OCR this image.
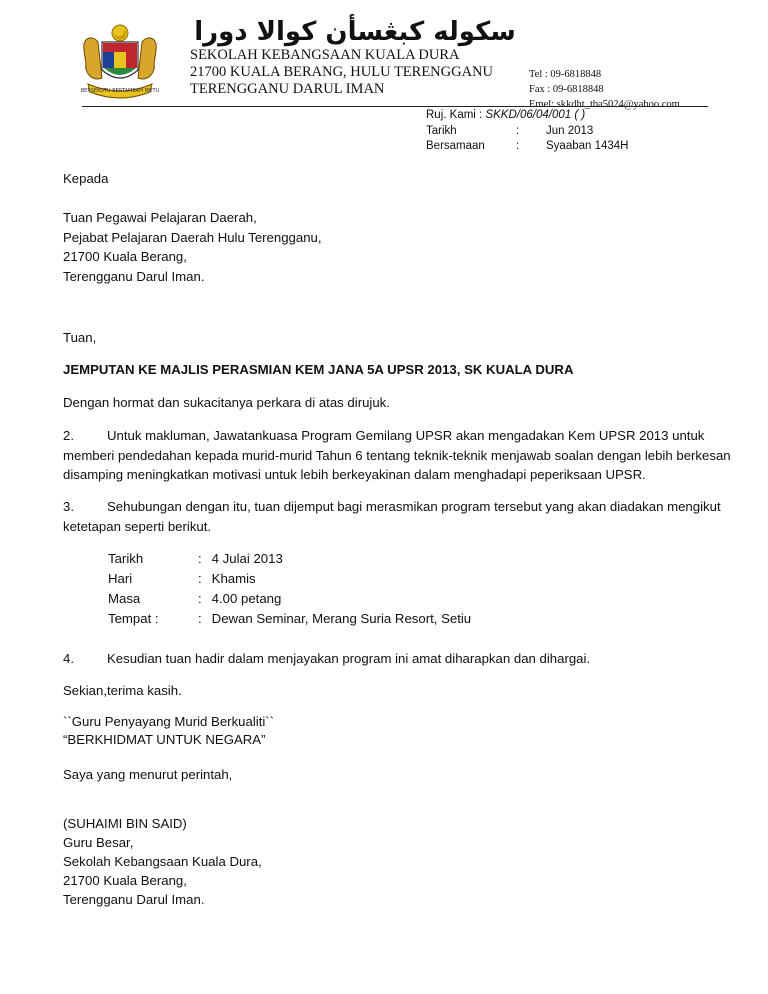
BERSEKUTU BERTAMBAH MUTU
سکوله کبڠسأن کوالا دورا
SEKOLAH KEBANGSAAN KUALA DURA
21700 KUALA BERANG, HULU TERENGGANU
TERENGGANU DARUL IMAN
Tel : 09-6818848
Fax : 09-6818848
Emel: skkdht_tba5024@yahoo.com
Ruj. Kami : SKKD/06/04/001 ( )
Tarikh	: Jun 2013
Bersamaan	: Syaaban 1434H
Kepada
Tuan Pegawai Pelajaran Daerah,
Pejabat Pelajaran Daerah Hulu Terengganu,
21700 Kuala Berang,
Terengganu Darul Iman.
Tuan,
JEMPUTAN KE MAJLIS PERASMIAN KEM JANA 5A UPSR 2013, SK KUALA DURA
Dengan hormat dan sukacitanya perkara di atas dirujuk.
2.	Untuk makluman, Jawatankuasa Program Gemilang UPSR akan mengadakan Kem UPSR 2013 untuk
memberi pendedahan kepada murid-murid Tahun 6 tentang teknik-teknik menjawab soalan dengan lebih berkesan
disamping meningkatkan motivasi untuk lebih berkeyakinan dalam menghadapi peperiksaan UPSR.
3.	Sehubungan dengan itu, tuan dijemput bagi merasmikan program tersebut yang akan diadakan mengikut
ketetapan seperti berikut.
Tarikh	: 4 Julai 2013
Hari	: Khamis
Masa	: 4.00 petang
Tempat :	: Dewan Seminar, Merang Suria Resort, Setiu
4.	Kesudian tuan hadir dalam menjayakan program ini amat diharapkan dan dihargai.
Sekian,terima kasih.
``Guru Penyayang Murid Berkualiti``
“BERKHIDMAT UNTUK NEGARA”
Saya yang menurut perintah,
(SUHAIMI BIN SAID)
Guru Besar,
Sekolah Kebangsaan Kuala Dura,
21700 Kuala Berang,
Terengganu Darul Iman.
